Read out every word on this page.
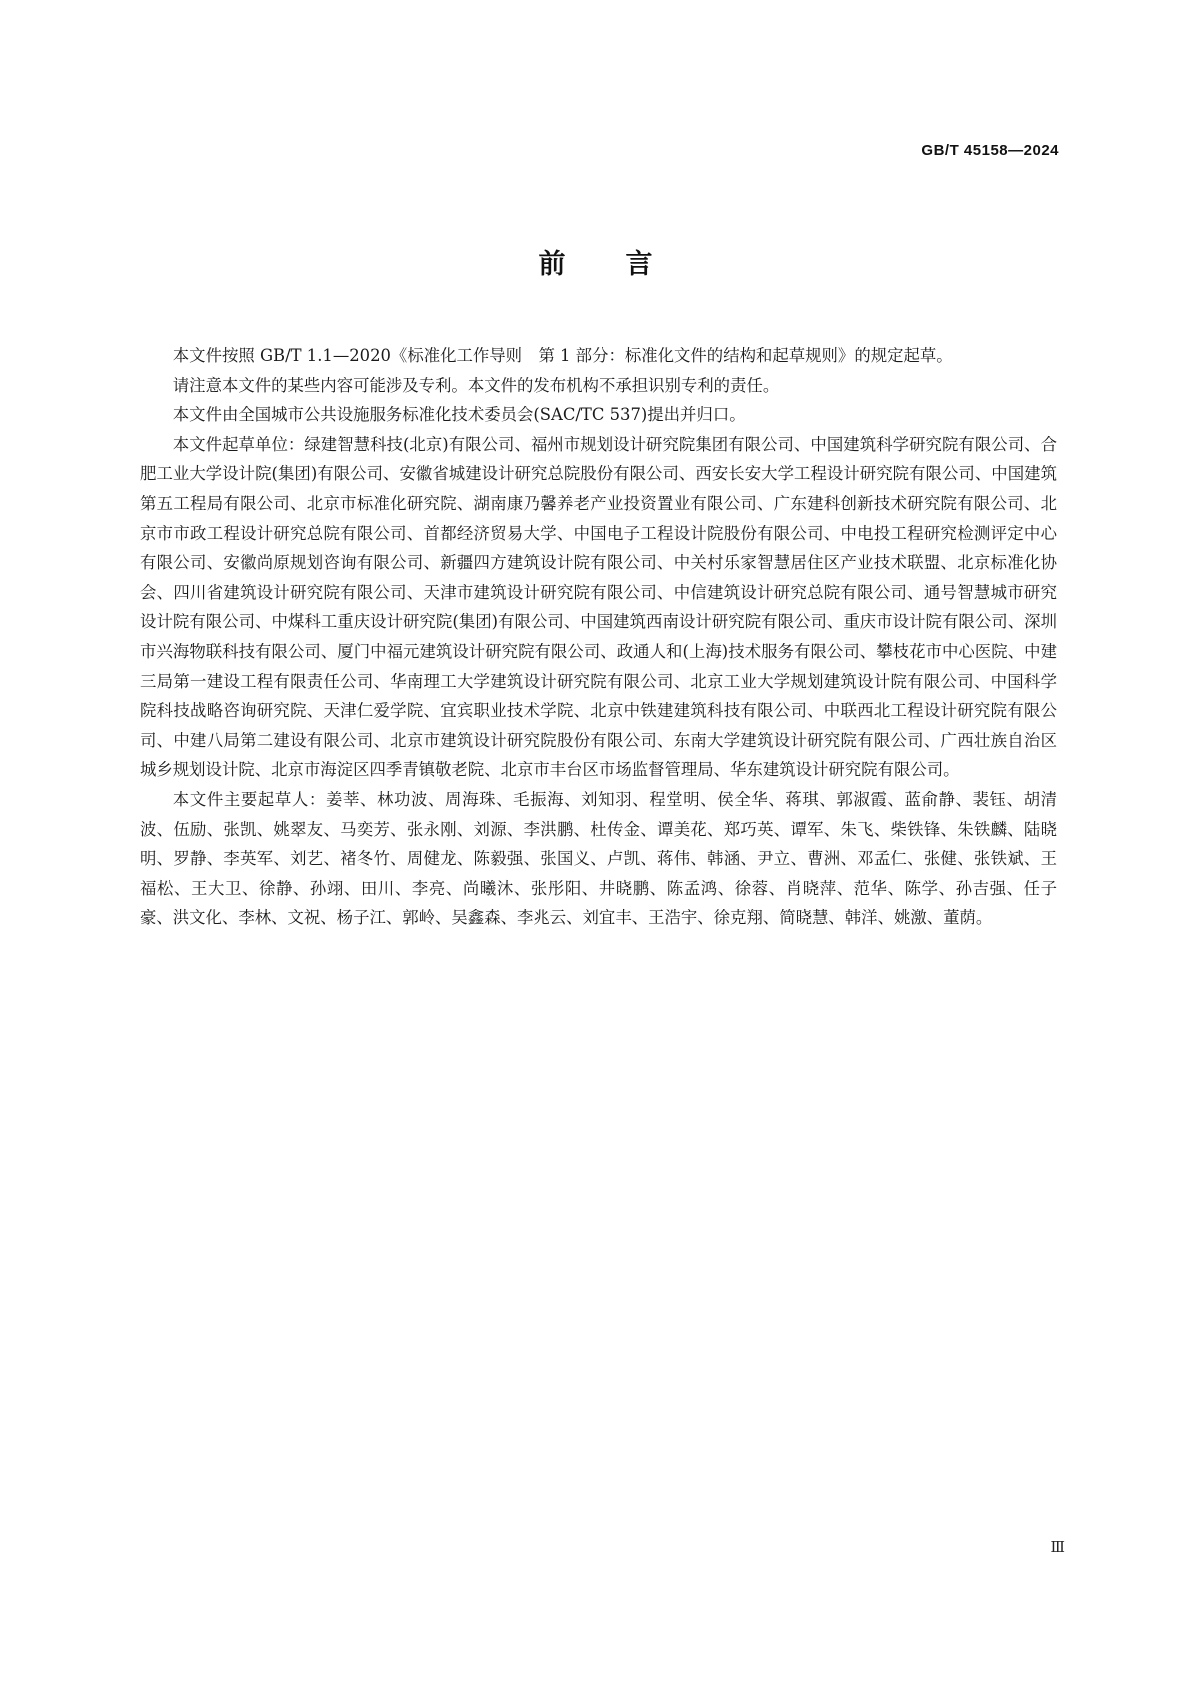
GB/T 45158—2024
前言

本文件按照 GB/T 1.1—2020《标准化工作导则　第 1 部分：标准化文件的结构和起草规则》的规定起草。

请注意本文件的某些内容可能涉及专利。本文件的发布机构不承担识别专利的责任。

本文件由全国城市公共设施服务标准化技术委员会(SAC/TC 537)提出并归口。

本文件起草单位：绿建智慧科技(北京)有限公司、福州市规划设计研究院集团有限公司、中国建筑科学研究院有限公司、合肥工业大学设计院(集团)有限公司、安徽省城建设计研究总院股份有限公司、西安长安大学工程设计研究院有限公司、中国建筑第五工程局有限公司、北京市标准化研究院、湖南康乃馨养老产业投资置业有限公司、广东建科创新技术研究院有限公司、北京市市政工程设计研究总院有限公司、首都经济贸易大学、中国电子工程设计院股份有限公司、中电投工程研究检测评定中心有限公司、安徽尚原规划咨询有限公司、新疆四方建筑设计院有限公司、中关村乐家智慧居住区产业技术联盟、北京标准化协会、四川省建筑设计研究院有限公司、天津市建筑设计研究院有限公司、中信建筑设计研究总院有限公司、通号智慧城市研究设计院有限公司、中煤科工重庆设计研究院(集团)有限公司、中国建筑西南设计研究院有限公司、重庆市设计院有限公司、深圳市兴海物联科技有限公司、厦门中福元建筑设计研究院有限公司、政通人和(上海)技术服务有限公司、攀枝花市中心医院、中建三局第一建设工程有限责任公司、华南理工大学建筑设计研究院有限公司、北京工业大学规划建筑设计院有限公司、中国科学院科技战略咨询研究院、天津仁爱学院、宜宾职业技术学院、北京中铁建建筑科技有限公司、中联西北工程设计研究院有限公司、中建八局第二建设有限公司、北京市建筑设计研究院股份有限公司、东南大学建筑设计研究院有限公司、广西壮族自治区城乡规划设计院、北京市海淀区四季青镇敬老院、北京市丰台区市场监督管理局、华东建筑设计研究院有限公司。

本文件主要起草人：姜莘、林功波、周海珠、毛振海、刘知羽、程堂明、侯全华、蒋琪、郭淑霞、蓝俞静、裴钰、胡清波、伍励、张凯、姚翠友、马奕芳、张永刚、刘源、李洪鹏、杜传金、谭美花、郑巧英、谭军、朱飞、柴铁锋、朱铁麟、陆晓明、罗静、李英军、刘艺、褚冬竹、周健龙、陈毅强、张国义、卢凯、蒋伟、韩涵、尹立、曹洲、邓孟仁、张健、张铁斌、王福松、王大卫、徐静、孙翊、田川、李亮、尚曦沐、张彤阳、井晓鹏、陈孟鸿、徐蓉、肖晓萍、范华、陈学、孙吉强、任子豪、洪文化、李林、文祝、杨子江、郭岭、吴鑫森、李兆云、刘宜丰、王浩宇、徐克翔、简晓慧、韩洋、姚激、董荫。

Ⅲ
